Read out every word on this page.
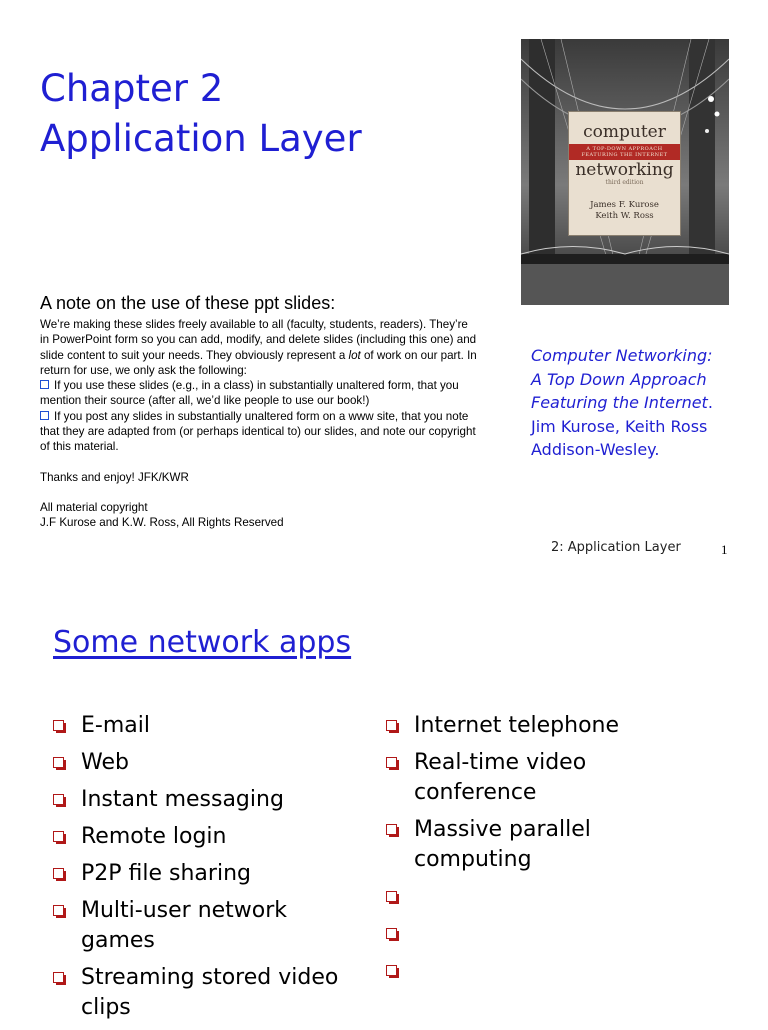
Chapter 2
Application Layer	computer
A TOP-DOWN APPROACH FEATURING THE INTERNET
networking
third edition
James F. Kurose
Keith W. Ross
A note on the use of these ppt slides:

We’re making these slides freely available to all (faculty, students, readers). They’re in PowerPoint form so you can add, modify, and delete slides (including this one) and slide content to suit your needs. They obviously represent a lot of work on our part. In return for use, we only ask the following:

If you use these slides (e.g., in a class) in substantially unaltered form, that you mention their source (after all, we’d like people to use our book!)

If you post any slides in substantially unaltered form on a www site, that you note that they are adapted from (or perhaps identical to) our slides, and note our copyright of this material.

Thanks and enjoy! JFK/KWR

All material copyright

J.F Kurose and K.W. Ross, All Rights Reserved

Computer Networking:
A Top Down Approach
Featuring the Internet.
Jim Kurose, Keith Ross
Addison-Wesley.

2: Application Layer	1
Some network apps
E-mail
Web
Instant messaging
Remote login
P2P file sharing
Multi-user network games
Streaming stored video clips
Internet telephone
Real-time video conference
Massive parallel computing
